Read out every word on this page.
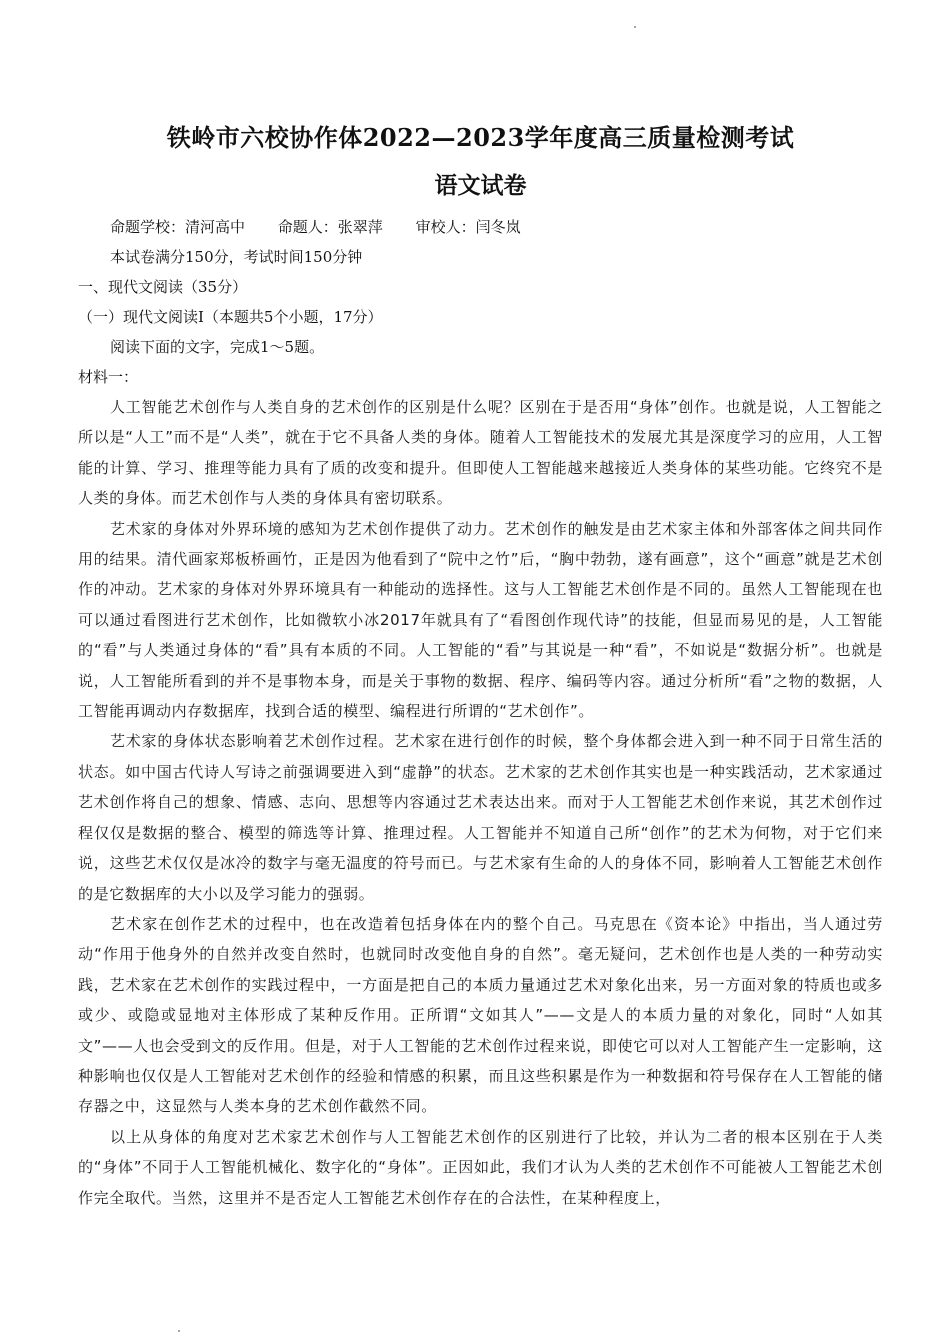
铁岭市六校协作体2022—2023学年度高三质量检测考试
语文试卷
命题学校：清河高中 命题人：张翠萍 审校人：闫冬岚
本试卷满分150分，考试时间150分钟
一、现代文阅读（35分）
（一）现代文阅读Ⅰ（本题共5个小题，17分）
阅读下面的文字，完成1～5题。
材料一：

人工智能艺术创作与人类自身的艺术创作的区别是什么呢？区别在于是否用“身体”创作。也就是说，人工智能之所以是“人工”而不是“人类”，就在于它不具备人类的身体。随着人工智能技术的发展尤其是深度学习的应用，人工智能的计算、学习、推理等能力具有了质的改变和提升。但即使人工智能越来越接近人类身体的某些功能。它终究不是人类的身体。而艺术创作与人类的身体具有密切联系。

艺术家的身体对外界环境的感知为艺术创作提供了动力。艺术创作的触发是由艺术家主体和外部客体之间共同作用的结果。清代画家郑板桥画竹，正是因为他看到了“院中之竹”后，“胸中勃勃，遂有画意”，这个“画意”就是艺术创作的冲动。艺术家的身体对外界环境具有一种能动的选择性。这与人工智能艺术创作是不同的。虽然人工智能现在也可以通过看图进行艺术创作，比如微软小冰2017年就具有了“看图创作现代诗”的技能，但显而易见的是，人工智能的“看”与人类通过身体的“看”具有本质的不同。人工智能的“看”与其说是一种“看”，不如说是“数据分析”。也就是说，人工智能所看到的并不是事物本身，而是关于事物的数据、程序、编码等内容。通过分析所“看”之物的数据，人工智能再调动内存数据库，找到合适的模型、编程进行所谓的“艺术创作”。

艺术家的身体状态影响着艺术创作过程。艺术家在进行创作的时候，整个身体都会进入到一种不同于日常生活的状态。如中国古代诗人写诗之前强调要进入到“虚静”的状态。艺术家的艺术创作其实也是一种实践活动，艺术家通过艺术创作将自己的想象、情感、志向、思想等内容通过艺术表达出来。而对于人工智能艺术创作来说，其艺术创作过程仅仅是数据的整合、模型的筛选等计算、推理过程。人工智能并不知道自己所“创作”的艺术为何物，对于它们来说，这些艺术仅仅是冰冷的数字与毫无温度的符号而已。与艺术家有生命的人的身体不同，影响着人工智能艺术创作的是它数据库的大小以及学习能力的强弱。

艺术家在创作艺术的过程中，也在改造着包括身体在内的整个自己。马克思在《资本论》中指出，当人通过劳动“作用于他身外的自然并改变自然时，也就同时改变他自身的自然”。毫无疑问，艺术创作也是人类的一种劳动实践，艺术家在艺术创作的实践过程中，一方面是把自己的本质力量通过艺术对象化出来，另一方面对象的特质也或多或少、或隐或显地对主体形成了某种反作用。正所谓“文如其人”——文是人的本质力量的对象化，同时“人如其文”——人也会受到文的反作用。但是，对于人工智能的艺术创作过程来说，即使它可以对人工智能产生一定影响，这种影响也仅仅是人工智能对艺术创作的经验和情感的积累，而且这些积累是作为一种数据和符号保存在人工智能的储存器之中，这显然与人类本身的艺术创作截然不同。

以上从身体的角度对艺术家艺术创作与人工智能艺术创作的区别进行了比较，并认为二者的根本区别在于人类的“身体”不同于人工智能机械化、数字化的“身体”。正因如此，我们才认为人类的艺术创作不可能被人工智能艺术创作完全取代。当然，这里并不是否定人工智能艺术创作存在的合法性，在某种程度上，
